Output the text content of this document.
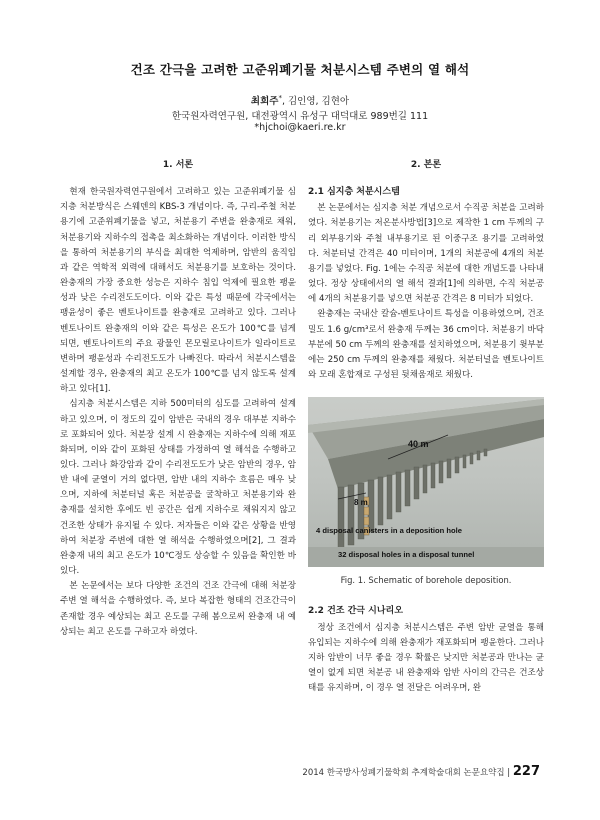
건조 간극을 고려한 고준위폐기물 처분시스템 주변의 열 해석
최희주*, 김인영, 김현아
한국원자력연구원, 대전광역시 유성구 대덕대로 989번길 111
*hjchoi@kaeri.re.kr
1. 서론

현재 한국원자력연구원에서 고려하고 있는 고준위폐기물 심지층 처분방식은 스웨덴의 KBS-3 개념이다. 즉, 구리-주철 처분용기에 고준위폐기물을 넣고, 처분용기 주변을 완충재로 채워, 처분용기와 지하수의 접촉을 최소화하는 개념이다. 이러한 방식을 통하여 처분용기의 부식을 최대한 억제하며, 암반의 움직임과 같은 역학적 외력에 대해서도 처분용기를 보호하는 것이다. 완충재의 가장 중요한 성능은 지하수 침입 억제에 필요한 팽윤성과 낮은 수리전도도이다. 이와 같은 특성 때문에 각국에서는 팽윤성이 좋은 벤토나이트를 완충재로 고려하고 있다. 그러나 벤토나이트 완충재의 이와 같은 특성은 온도가 100℃를 넘게 되면, 벤토나이트의 주요 광물인 몬모릴로나이트가 일라이트로 변하며 팽윤성과 수리전도도가 나빠진다. 따라서 처분시스템을 설계할 경우, 완충재의 최고 온도가 100℃를 넘지 않도록 설계하고 있다[1].

심지층 처분시스템은 지하 500미터의 심도를 고려하여 설계하고 있으며, 이 정도의 깊이 암반은 국내의 경우 대부분 지하수로 포화되어 있다. 처분장 설계 시 완충재는 지하수에 의해 재포화되며, 이와 같이 포화된 상태를 가정하여 열 해석을 수행하고 있다. 그러나 화강암과 같이 수리전도도가 낮은 암반의 경우, 암반 내에 균열이 거의 없다면, 암반 내의 지하수 흐름은 매우 낮으며, 지하에 처분터널 혹은 처분공을 굴착하고 처분용기와 완충재를 설치한 후에도 빈 공간은 쉽게 지하수로 채워지지 않고 건조한 상태가 유지될 수 있다. 저자들은 이와 같은 상황을 반영하여 처분장 주변에 대한 열 해석을 수행하였으며[2], 그 결과 완충재 내의 최고 온도가 10℃정도 상승할 수 있음을 확인한 바 있다.

본 논문에서는 보다 다양한 조건의 건조 간극에 대해 처분장 주변 열 해석을 수행하였다. 즉, 보다 복잡한 형태의 건조간극이 존재할 경우 예상되는 최고 온도를 구해 봄으로써 완충재 내 예상되는 최고 온도를 구하고자 하였다.

2. 본론
2.1 심지층 처분시스템

본 논문에서는 심지층 처분 개념으로서 수직공 처분을 고려하였다. 처분용기는 저온분사방법[3]으로 제작한 1 cm 두께의 구리 외부용기와 주철 내부용기로 된 이중구조 용기를 고려하였다. 처분터널 간격은 40 미터이며, 1개의 처분공에 4개의 처분용기를 넣었다. Fig. 1에는 수직공 처분에 대한 개념도를 나타내었다. 정상 상태에서의 열 해석 결과[1]에 의하면, 수직 처분공에 4개의 처분용기를 넣으면 처분공 간격은 8 미터가 되었다.

완충재는 국내산 칼슘-벤토나이트 특성을 이용하였으며, 건조밀도 1.6 g/cm³로서 완충재 두께는 36 cm이다. 처분용기 바닥부분에 50 cm 두께의 완충재를 설치하였으며, 처분용기 윗부분에는 250 cm 두께의 완충재를 채웠다. 처분터널을 벤토나이트와 모래 혼합재로 구성된 뒷채움재로 채웠다.

40 m
8 m
4 disposal canisters in a deposition hole
32 disposal holes in a disposal tunnel
Fig. 1. Schematic of borehole deposition.
2.2 건조 간극 시나리오

정상 조건에서 심지층 처분시스템은 주변 암반 균열을 통해 유입되는 지하수에 의해 완충재가 재포화되며 팽윤한다. 그러나 지하 암반이 너무 좋을 경우 확률은 낮지만 처분공과 만나는 균열이 없게 되면 처분공 내 완충재와 암반 사이의 간극은 건조상태를 유지하며, 이 경우 열 전달은 어려우며, 완

2014 한국방사성폐기물학회 추계학술대회 논문요약집 | 227
